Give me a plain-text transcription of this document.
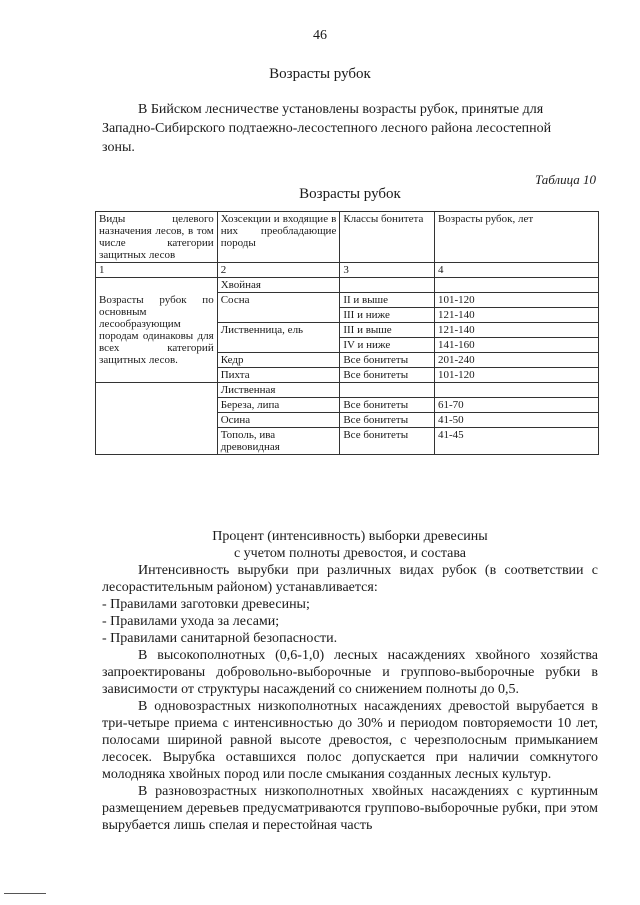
46
Возрасты рубок
В Бийском лесничестве установлены возрасты рубок, принятые для
Западно-Сибирского подтаежно-лесостепного лесного района лесостепной
зоны.
Таблица 10
Возрасты рубок
Виды целевого назначения лесов, в том числе категории защитных лесов	Хозсекции и входящие в них преобладающие породы	Классы бонитета	Возрасты рубок, лет
1	2	3	4
	Хвойная		
Возрасты рубок по основным лесообразующим породам одинаковы для всех категорий защитных лесов.	Сосна	II и выше	101-120
		III и ниже	121-140
	Лиственница, ель	III и выше	121-140
		IV и ниже	141-160
	Кедр	Все бонитеты	201-240
	Пихта	Все бонитеты	101-120
	Лиственная		
	Береза, липа	Все бонитеты	61-70
	Осина	Все бонитеты	41-50
	Тополь, ива древовидная	Все бонитеты	41-45
Процент (интенсивность) выборки древесины
с учетом полноты древостоя, и состава

Интенсивность вырубки при различных видах рубок (в соответствии с лесорастительным районом) устанавливается:

- Правилами заготовки древесины;

- Правилами ухода за лесами;

- Правилами санитарной безопасности.

В высокополнотных (0,6-1,0) лесных насаждениях хвойного хозяйства запроектированы добровольно-выборочные и группово-выборочные рубки в зависимости от структуры насаждений со снижением полноты до 0,5.

В одновозрастных низкополнотных насаждениях древостой вырубается в три-четыре приема с интенсивностью до 30% и периодом повторяемости 10 лет, полосами шириной равной высоте древостоя, с черезполосным примыканием лесосек. Вырубка оставшихся полос допускается при наличии сомкнутого молодняка хвойных пород или после смыкания созданных лесных культур.

В разновозрастных низкополнотных хвойных насаждениях с куртинным размещением деревьев предусматриваются группово-выборочные рубки, при этом вырубается лишь спелая и перестойная часть
